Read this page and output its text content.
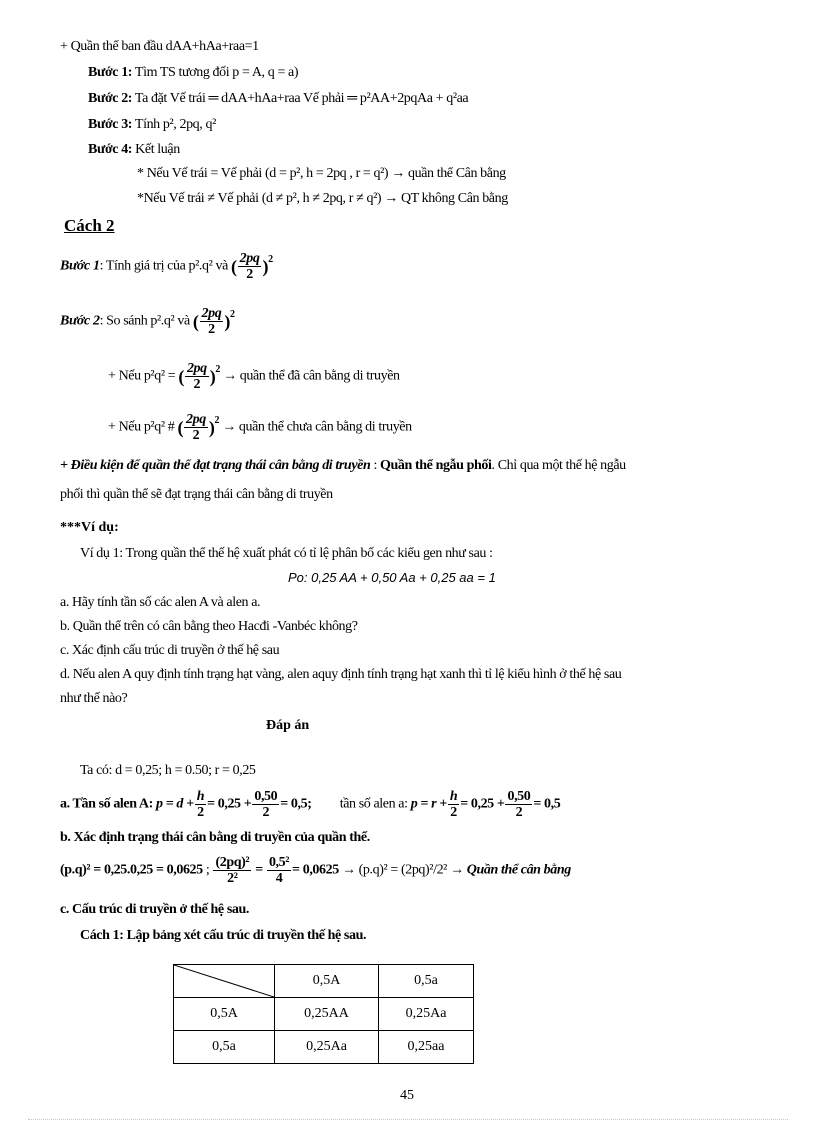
+ Quần thể ban đầu dAA+hAa+raa=1
Bước 1: Tìm TS tương đối p = A, q = a)
Bước 2: Ta đặt Vế trái ═ dAA+hAa+raa Vế phải ═ p²AA+2pqAa + q²aa
Bước 3: Tính p², 2pq, q²
Bước 4: Kết luận
* Nếu Vế trái = Vế phải (d = p², h = 2pq , r = q²) → quần thể Cân bằng
*Nếu Vế trái ≠ Vế phải (d ≠ p², h ≠ 2pq, r ≠ q²) → QT không Cân bằng
Cách 2
Bước 1: Tính giá trị của p².q² và ( $\frac{2pq}{2} )^2$
Bước 2: So sánh p².q² và ( $\frac{2pq}{2} )^2$
+ Nếu p²q² = ( $\frac{2pq}{2} )^2$ → quần thể đã cân bằng di truyền
+ Nếu p²q² # ( $\frac{2pq}{2} )^2$ → quần thể chưa cân bằng di truyền
+ Điều kiện để quần thể đạt trạng thái cân bằng di truyền : Quần thể ngẫu phối. Chỉ qua một thế hệ ngẫu
phối thì quần thể sẽ đạt trạng thái cân bằng di truyền
***Ví dụ:
Ví dụ 1: Trong quần thể thế hệ xuất phát có tỉ lệ phân bố các kiểu gen như sau :
Po: 0,25 AA + 0,50 Aa + 0,25 aa = 1
a. Hãy tính tần số các alen A và alen a.
b. Quần thể trên có cân bằng theo Hacđi -Vanbéc không?
c. Xác định cấu trúc di truyền ở thế hệ sau
d. Nếu alen A quy định tính trạng hạt vàng, alen aquy định tính trạng hạt xanh thì tỉ lệ kiểu hình ở thế hệ sau
như thế nào?
Đáp án
Ta có: d = 0,25; h = 0.50; r = 0,25
a. Tần số alen A: $p = d + \frac{h}{2} = 0,25 + \frac{0,50}{2} = 0,5$; tần số alen a: $p = r + \frac{h}{2} = 0,25 + \frac{0,50}{2} = 0,5$
b. Xác định trạng thái cân bằng di truyền của quần thể.
(p.q)² = 0,25.0,25 = 0,0625 ; $\frac{\text{(2pq)²}}{\text{2²}} = \frac{\text{0,5²}}{4} = 0,0625 \to (p.q)^2 = (2pq)^2/2^2$ → Quần thể cân bằng
c. Cấu trúc di truyền ở thế hệ sau.
Cách 1: Lập bảng xét cấu trúc di truyền thế hệ sau.
	0,5A	0,5a
0,5A	0,25AA	0,25Aa
0,5a	0,25Aa	0,25aa
45
